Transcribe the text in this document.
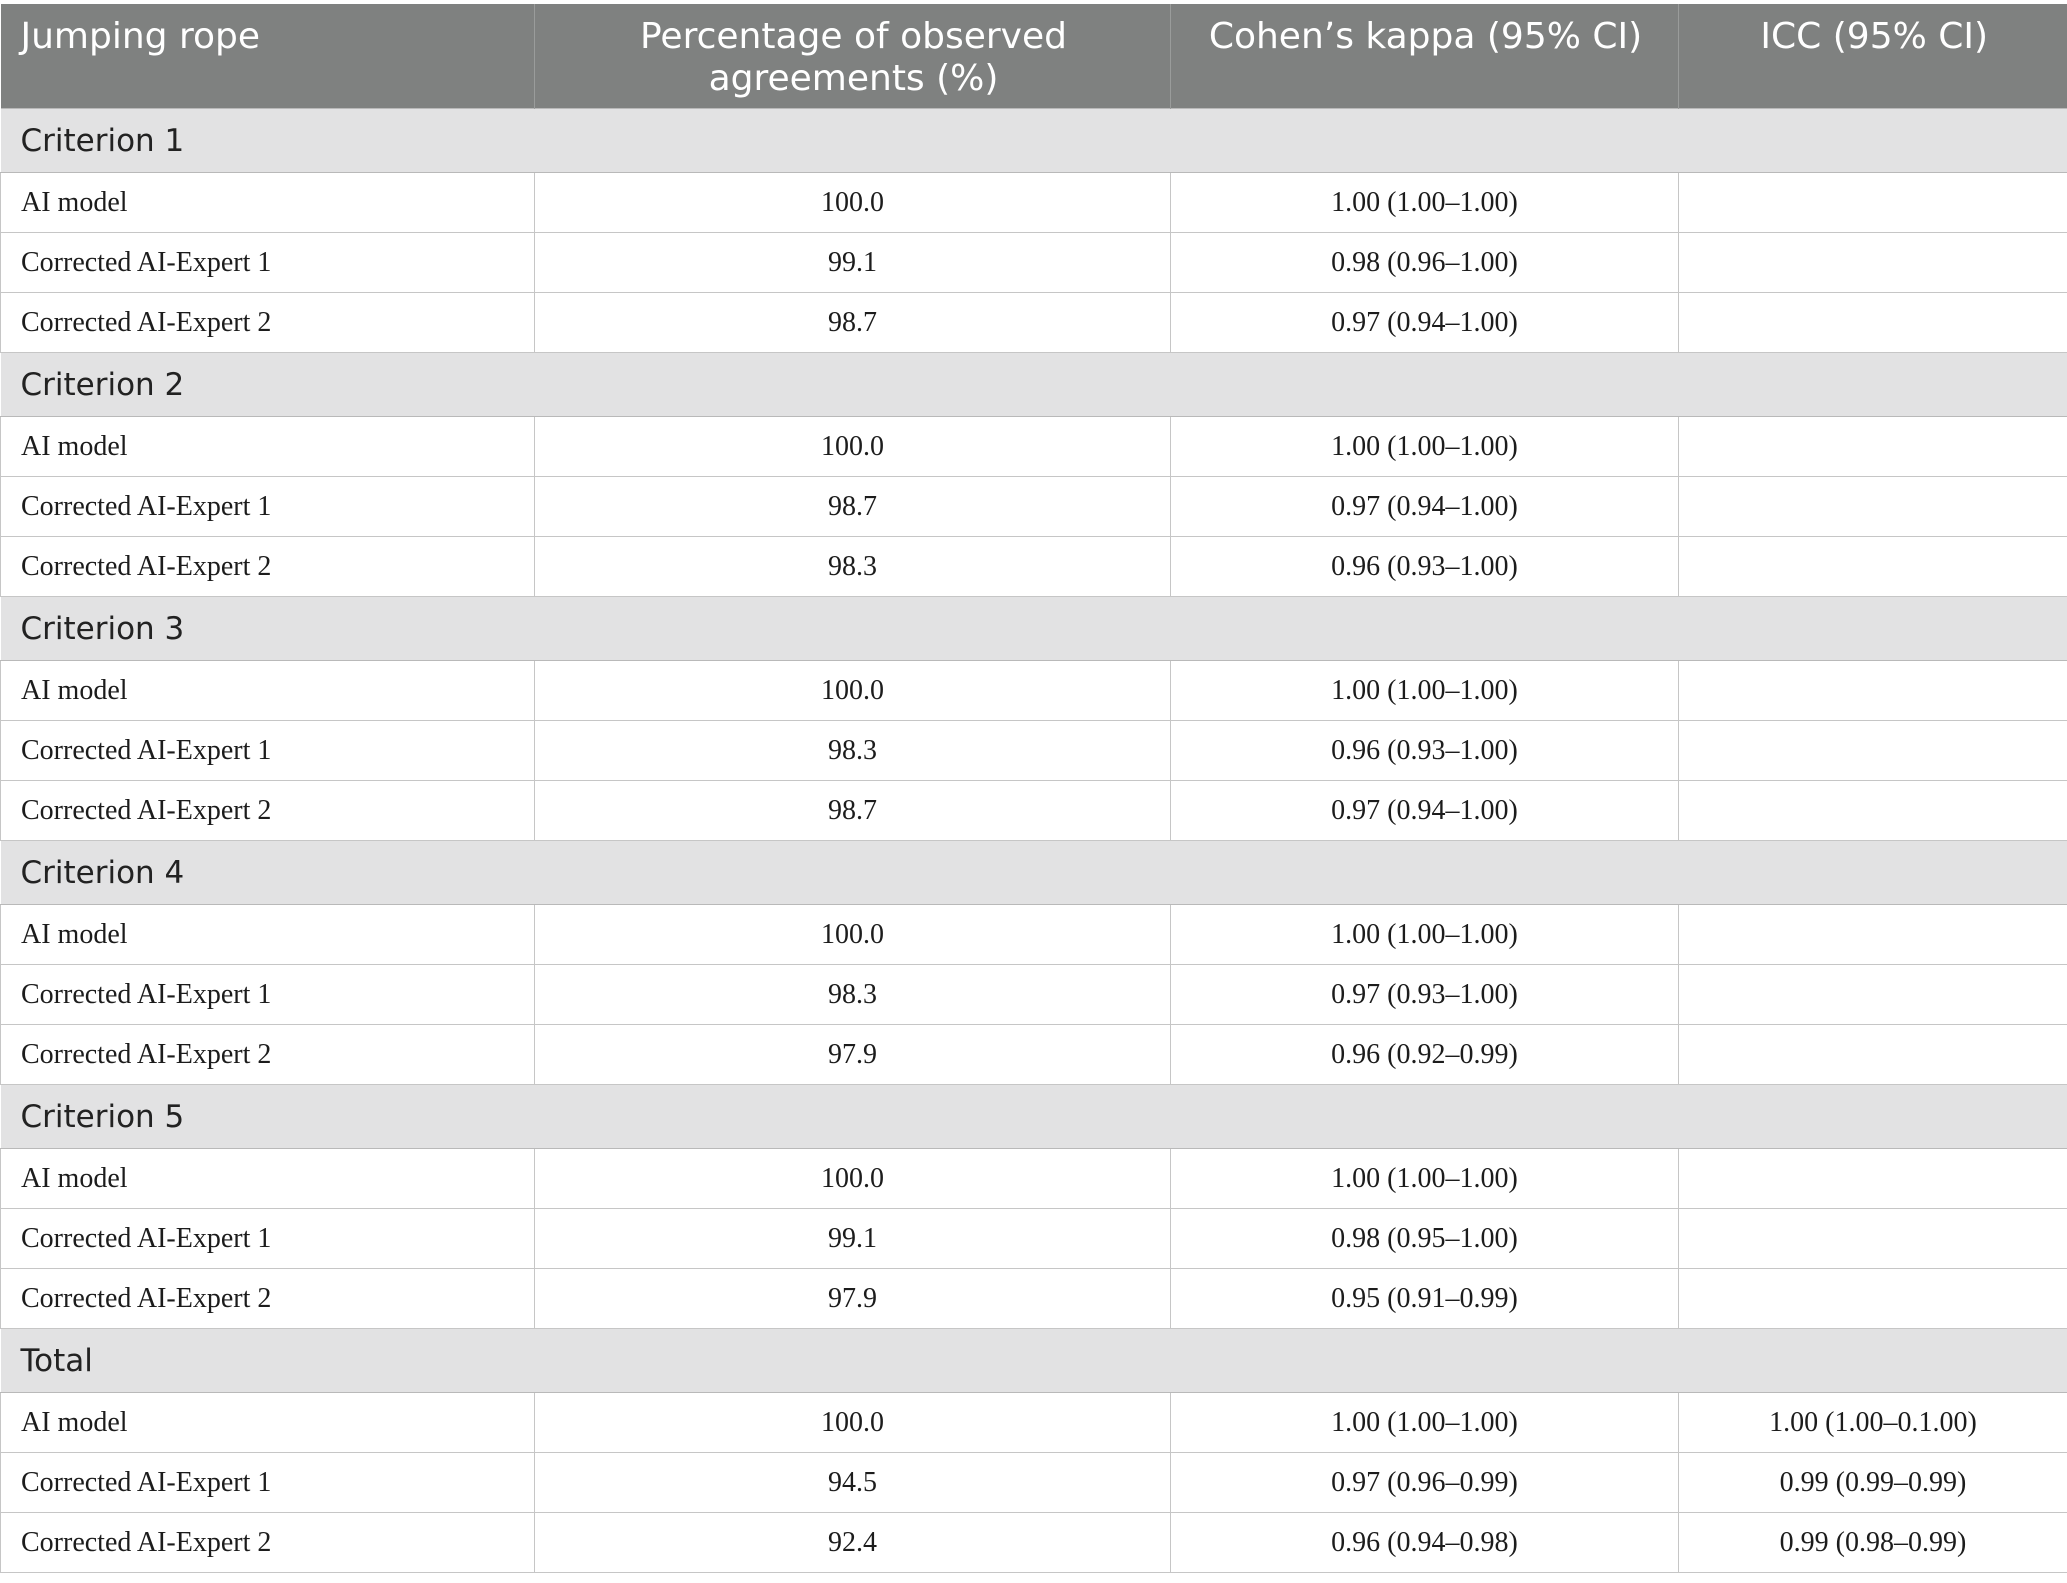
Jumping rope	Percentage of observed agreements (%)	Cohen’s kappa (95% CI)	ICC (95% CI)
Criterion 1			
AI model	100.0	1.00 (1.00–1.00)	
Corrected AI-Expert 1	99.1	0.98 (0.96–1.00)	
Corrected AI-Expert 2	98.7	0.97 (0.94–1.00)	
Criterion 2			
AI model	100.0	1.00 (1.00–1.00)	
Corrected AI-Expert 1	98.7	0.97 (0.94–1.00)	
Corrected AI-Expert 2	98.3	0.96 (0.93–1.00)	
Criterion 3			
AI model	100.0	1.00 (1.00–1.00)	
Corrected AI-Expert 1	98.3	0.96 (0.93–1.00)	
Corrected AI-Expert 2	98.7	0.97 (0.94–1.00)	
Criterion 4			
AI model	100.0	1.00 (1.00–1.00)	
Corrected AI-Expert 1	98.3	0.97 (0.93–1.00)	
Corrected AI-Expert 2	97.9	0.96 (0.92–0.99)	
Criterion 5			
AI model	100.0	1.00 (1.00–1.00)	
Corrected AI-Expert 1	99.1	0.98 (0.95–1.00)	
Corrected AI-Expert 2	97.9	0.95 (0.91–0.99)	
Total			
AI model	100.0	1.00 (1.00–1.00)	1.00 (1.00–0.1.00)
Corrected AI-Expert 1	94.5	0.97 (0.96–0.99)	0.99 (0.99–0.99)
Corrected AI-Expert 2	92.4	0.96 (0.94–0.98)	0.99 (0.98–0.99)
